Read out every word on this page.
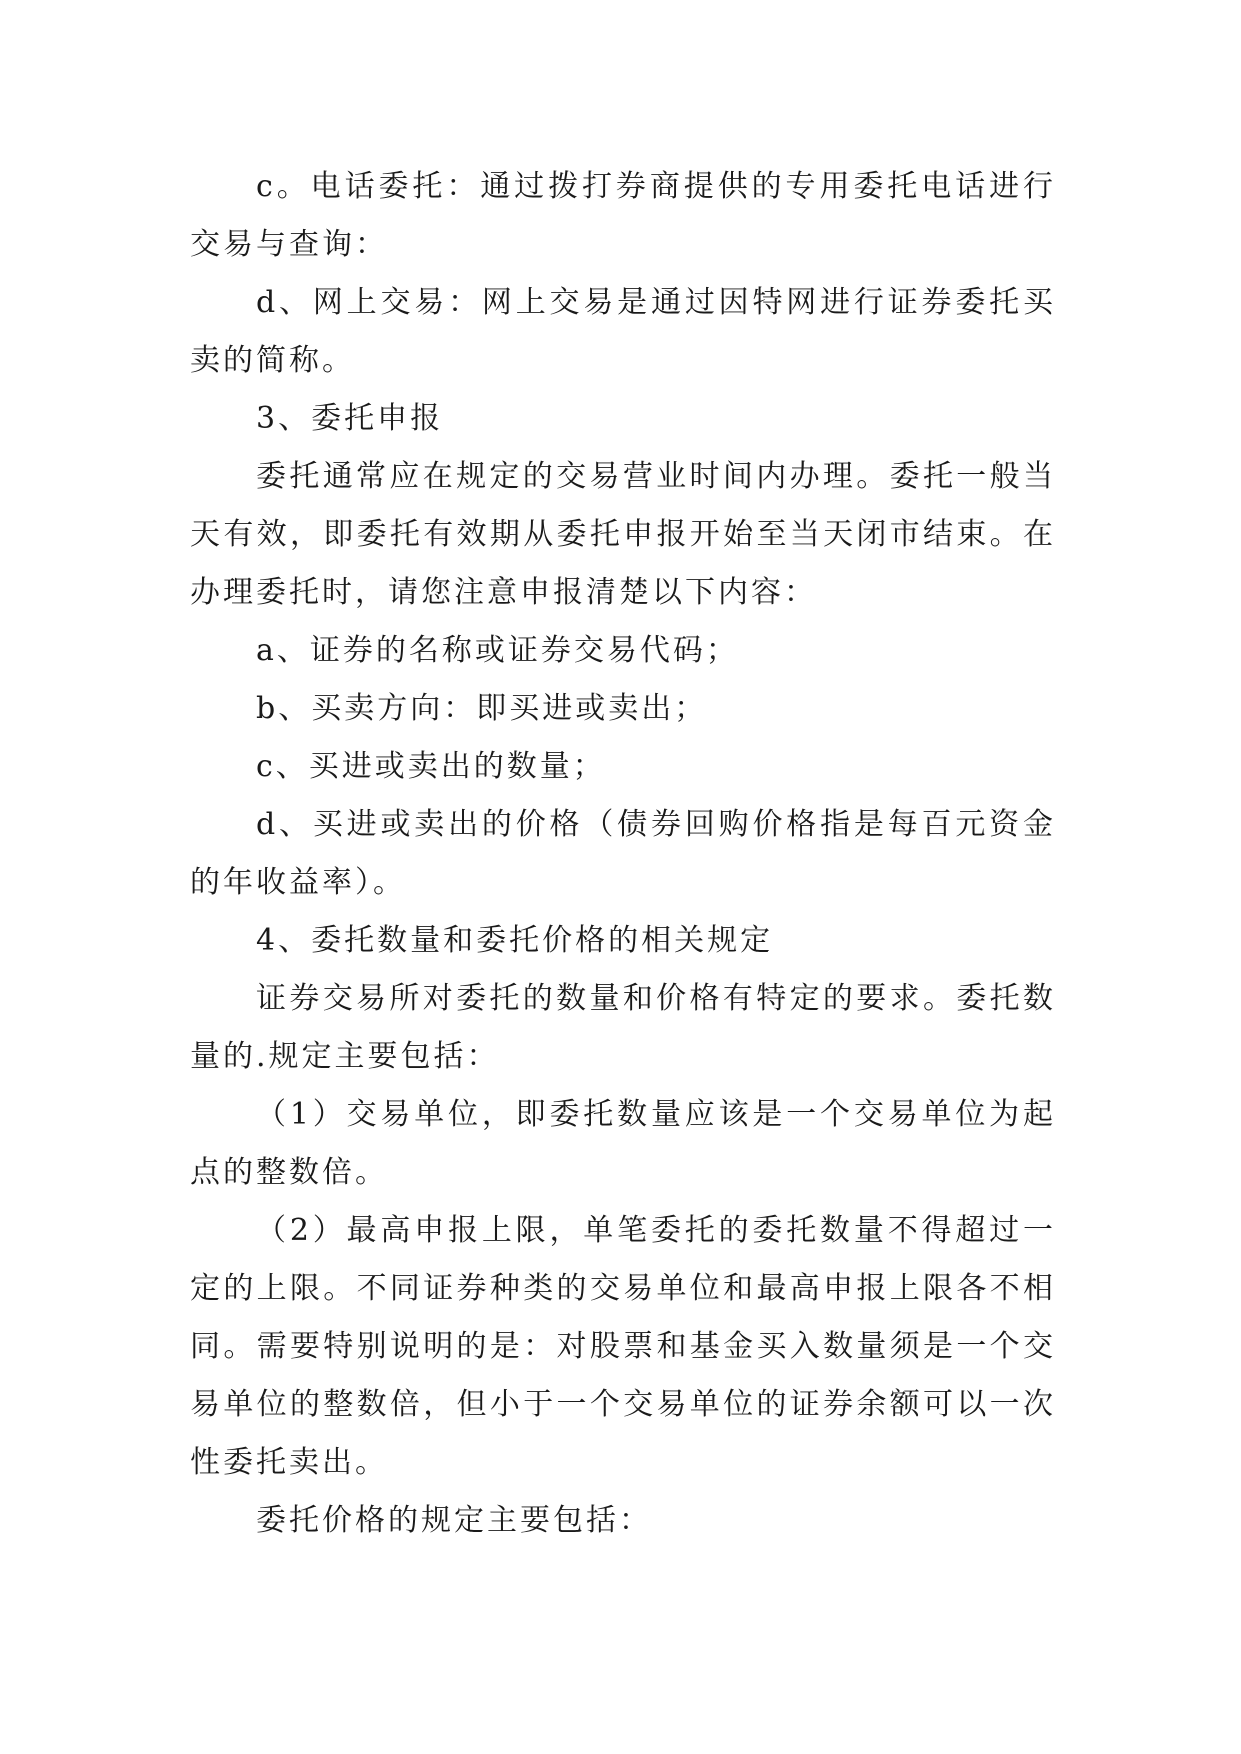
c。电话委托：通过拨打券商提供的专用委托电话进行交易与查询：

d、网上交易：网上交易是通过因特网进行证券委托买卖的简称。

3、委托申报

委托通常应在规定的交易营业时间内办理。委托一般当天有效，即委托有效期从委托申报开始至当天闭市结束。在办理委托时，请您注意申报清楚以下内容：

a、证券的名称或证券交易代码；

b、买卖方向：即买进或卖出；

c、买进或卖出的数量；

d、买进或卖出的价格（债券回购价格指是每百元资金的年收益率）。

4、委托数量和委托价格的相关规定

证券交易所对委托的数量和价格有特定的要求。委托数量的.规定主要包括：

（1）交易单位，即委托数量应该是一个交易单位为起点的整数倍。

（2）最高申报上限，单笔委托的委托数量不得超过一定的上限。不同证券种类的交易单位和最高申报上限各不相同。需要特别说明的是：对股票和基金买入数量须是一个交易单位的整数倍，但小于一个交易单位的证券余额可以一次性委托卖出。

委托价格的规定主要包括：
